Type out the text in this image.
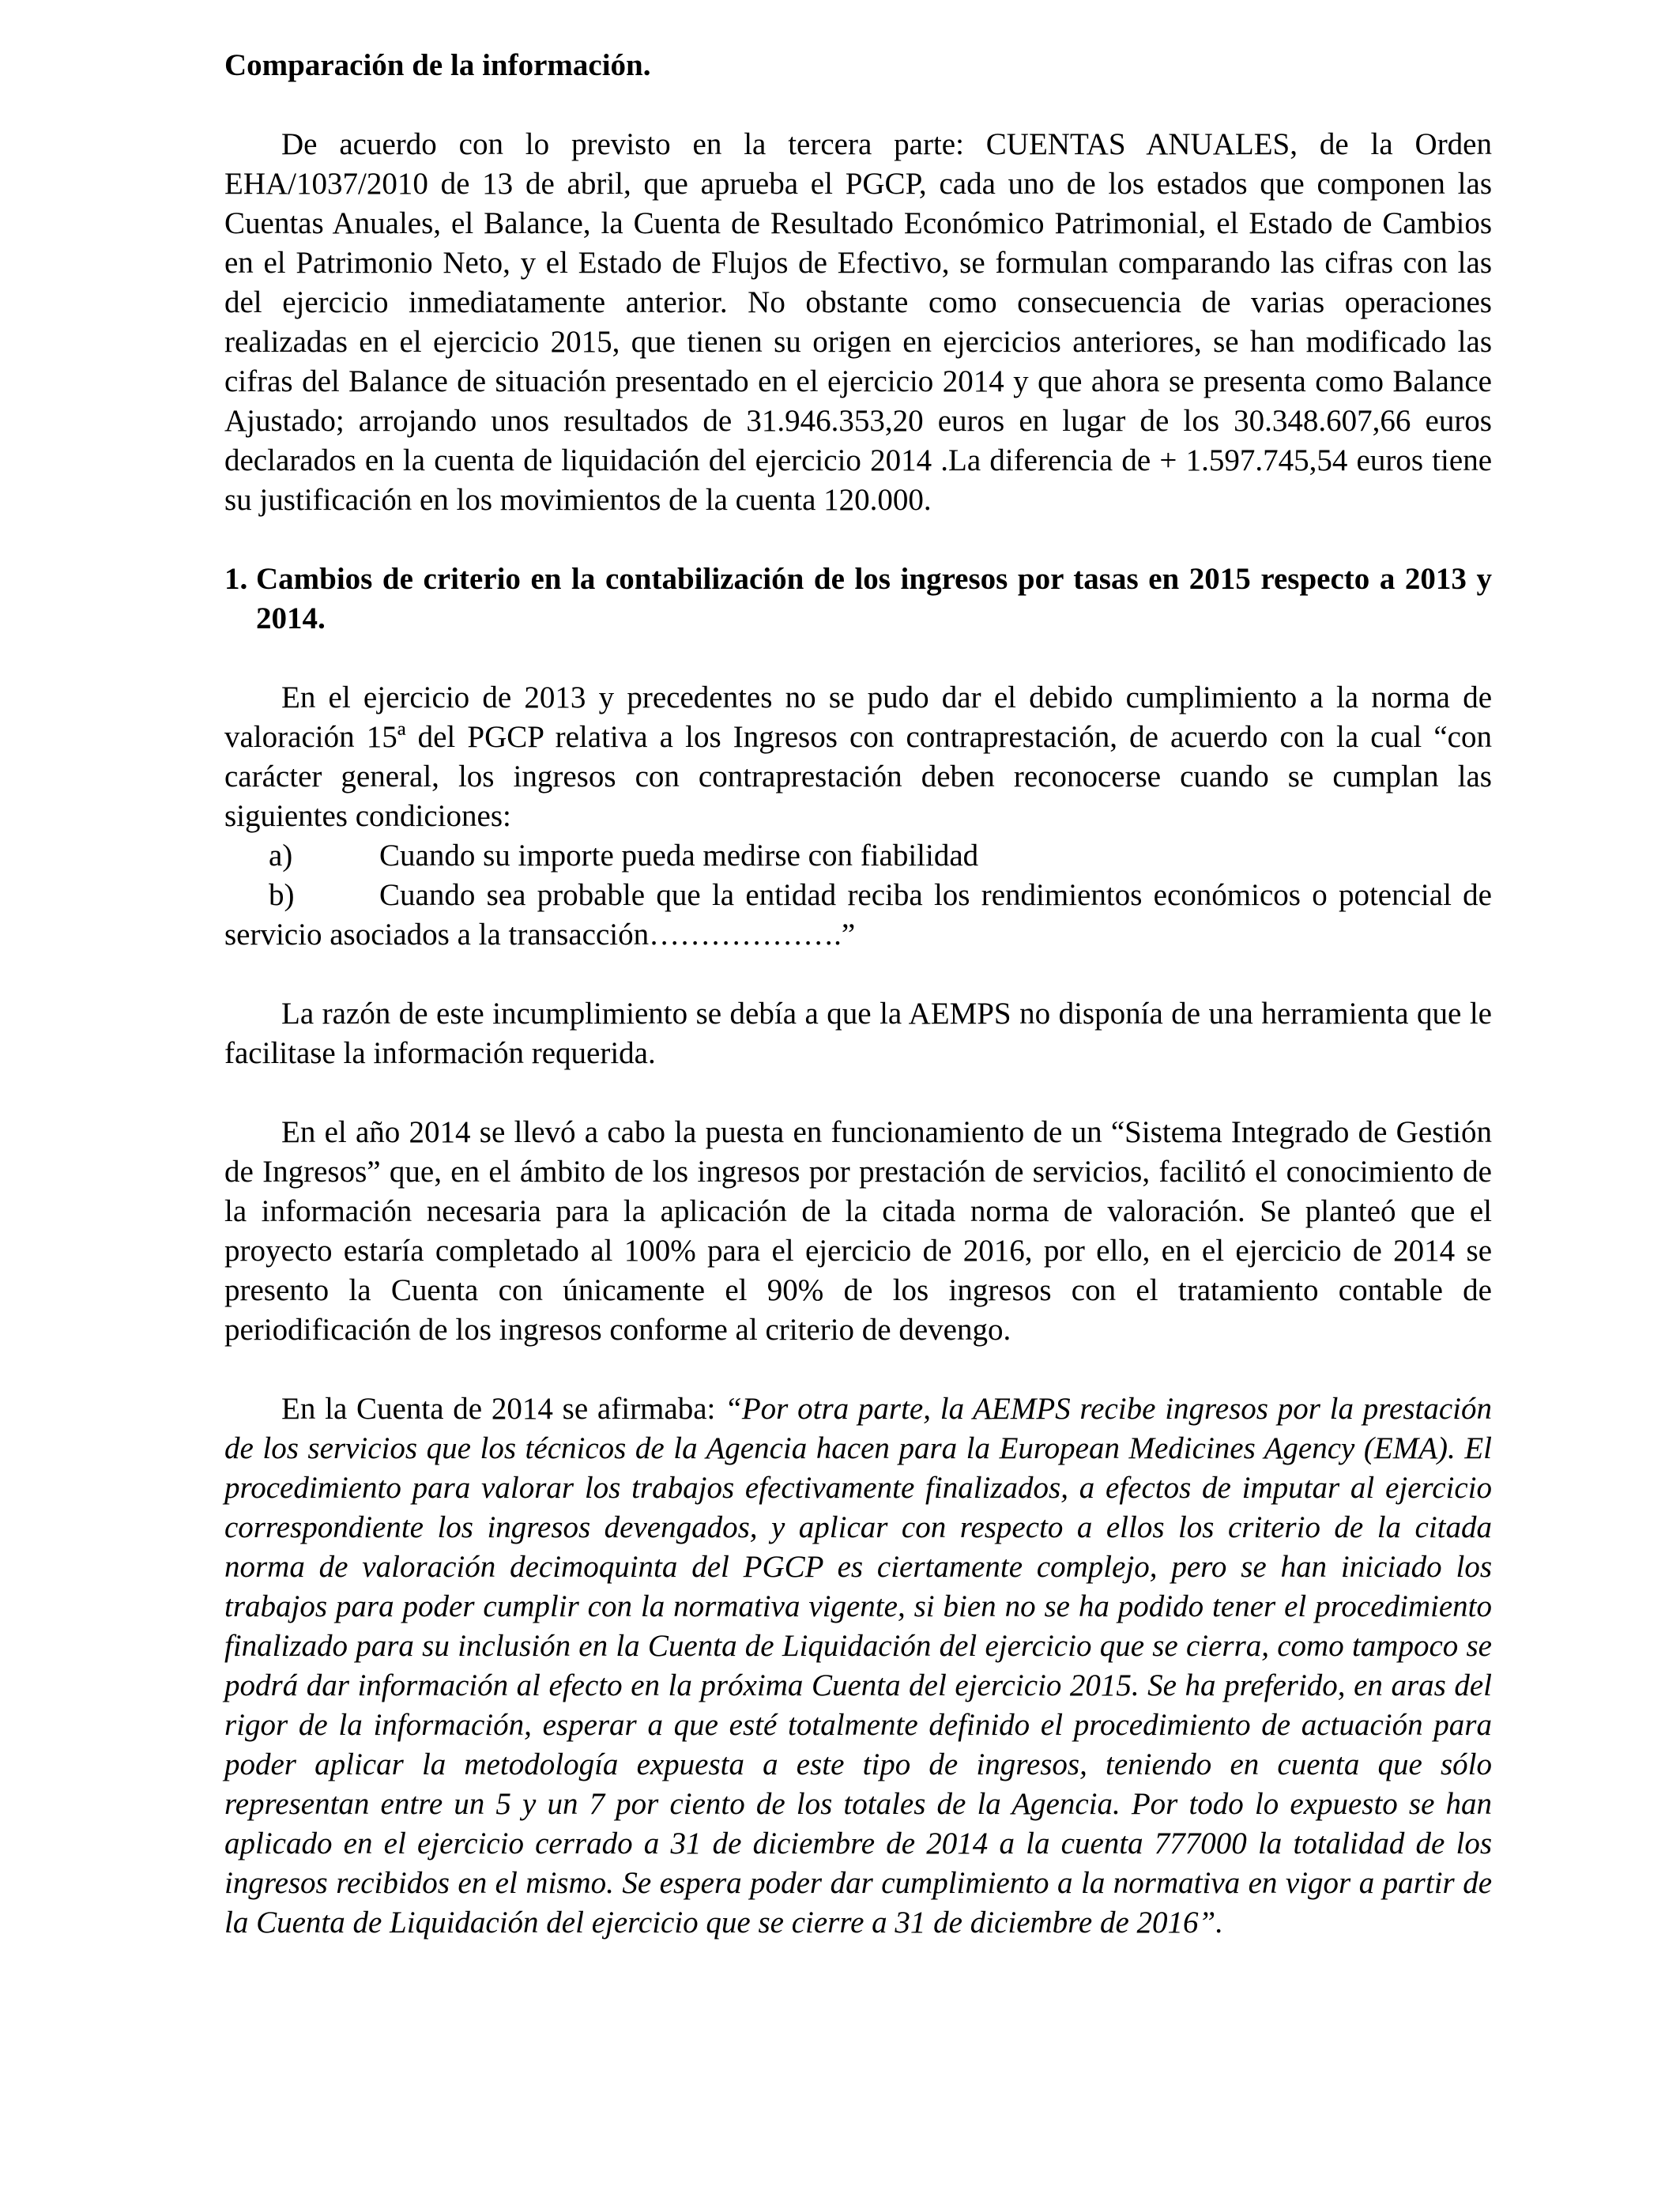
Comparación de la información.

De acuerdo con lo previsto en la tercera parte: CUENTAS ANUALES, de la Orden EHA/1037/2010 de 13 de abril, que aprueba el PGCP, cada uno de los estados que componen las Cuentas Anuales, el Balance, la Cuenta de Resultado Económico Patrimonial, el Estado de Cambios en el Patrimonio Neto, y el Estado de Flujos de Efectivo, se formulan comparando las cifras con las del ejercicio inmediatamente anterior. No obstante como consecuencia de varias operaciones realizadas en el ejercicio 2015, que tienen su origen en ejercicios anteriores, se han modificado las cifras del Balance de situación presentado en el ejercicio 2014 y que ahora se presenta como Balance Ajustado; arrojando unos resultados de 31.946.353,20 euros en lugar de los 30.348.607,66 euros declarados en la cuenta de liquidación del ejercicio 2014 .La diferencia de + 1.597.745,54 euros tiene su justificación en los movimientos de la cuenta 120.000.

1. Cambios de criterio en la contabilización de los ingresos por tasas en 2015 respecto a 2013 y 2014.

En el ejercicio de 2013 y precedentes no se pudo dar el debido cumplimiento a la norma de valoración 15ª del PGCP relativa a los Ingresos con contraprestación, de acuerdo con la cual “con carácter general, los ingresos con contraprestación deben reconocerse cuando se cumplan las siguientes condiciones:

a)	Cuando su importe pueda medirse con fiabilidad

b)	Cuando sea probable que la entidad reciba los rendimientos económicos o potencial de servicio asociados a la transacción……………….”

La razón de este incumplimiento se debía a que la AEMPS no disponía de una herramienta que le facilitase la información requerida.

En el año 2014 se llevó a cabo la puesta en funcionamiento de un “Sistema Integrado de Gestión de Ingresos” que, en el ámbito de los ingresos por prestación de servicios, facilitó el conocimiento de la información necesaria para la aplicación de la citada norma de valoración. Se planteó que el proyecto estaría completado al 100% para el ejercicio de 2016, por ello, en el ejercicio de 2014 se presento la Cuenta con únicamente el 90% de los ingresos con el tratamiento contable de periodificación de los ingresos conforme al criterio de devengo.

En la Cuenta de 2014 se afirmaba: “Por otra parte, la AEMPS recibe ingresos por la prestación de los servicios que los técnicos de la Agencia hacen para la European Medicines Agency (EMA). El procedimiento para valorar los trabajos efectivamente finalizados, a efectos de imputar al ejercicio correspondiente los ingresos devengados, y aplicar con respecto a ellos los criterio de la citada norma de valoración decimoquinta del PGCP es ciertamente complejo, pero se han iniciado los trabajos para poder cumplir con la normativa vigente, si bien no se ha podido tener el procedimiento finalizado para su inclusión en la Cuenta de Liquidación del ejercicio que se cierra, como tampoco se podrá dar información al efecto en la próxima Cuenta del ejercicio 2015. Se ha preferido, en aras del rigor de la información, esperar a que esté totalmente definido el procedimiento de actuación para poder aplicar la metodología expuesta a este tipo de ingresos, teniendo en cuenta que sólo representan entre un 5 y un 7 por ciento de los totales de la Agencia. Por todo lo expuesto se han aplicado en el ejercicio cerrado a 31 de diciembre de 2014 a la cuenta 777000 la totalidad de los ingresos recibidos en el mismo. Se espera poder dar cumplimiento a la normativa en vigor a partir de la Cuenta de Liquidación del ejercicio que se cierre a 31 de diciembre de 2016”.
